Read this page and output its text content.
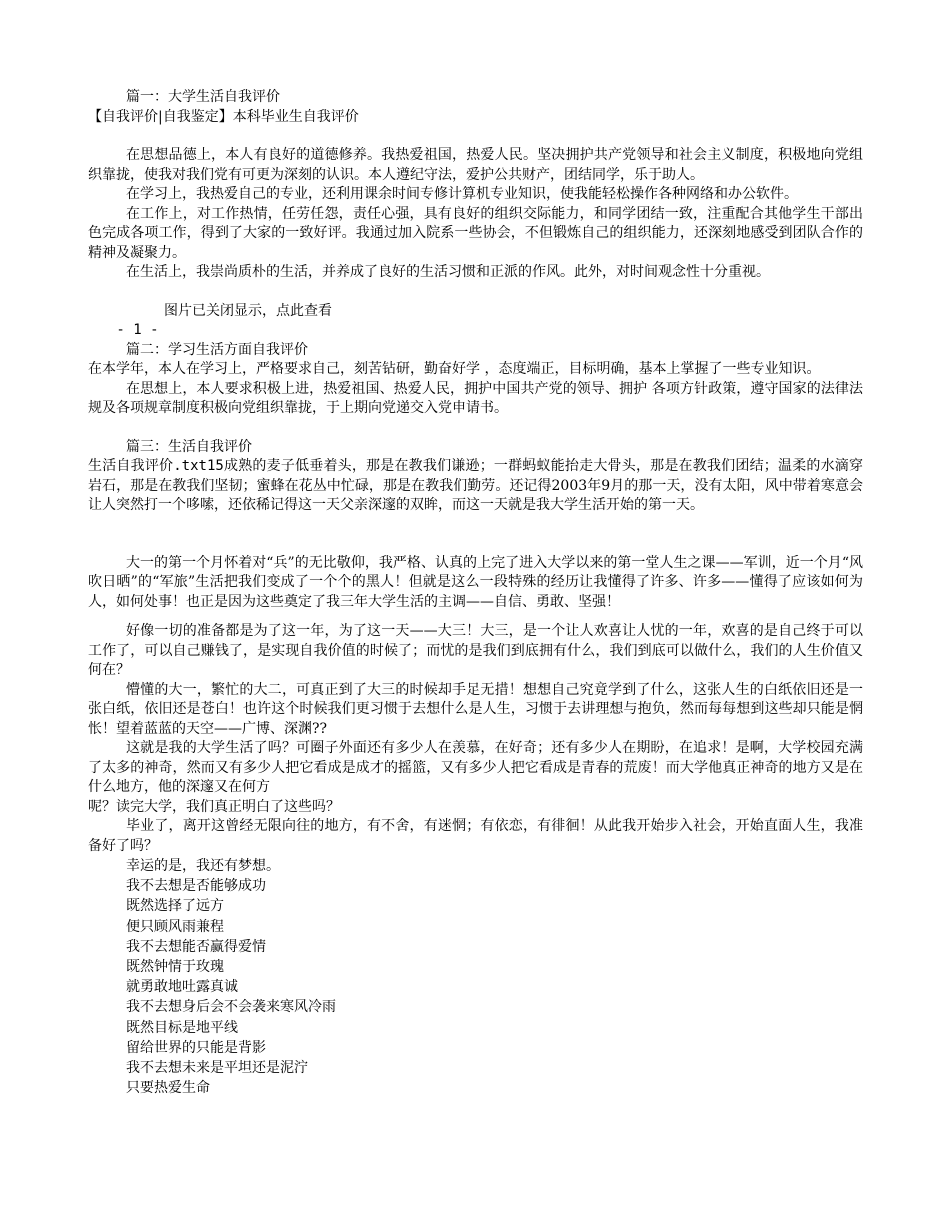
篇一：大学生活自我评价
【自我评价|自我鉴定】本科毕业生自我评价
在思想品德上，本人有良好的道德修养。我热爱祖国，热爱人民。坚决拥护共产党领导和社会主义制度，积极地向党组织靠拢，使我对我们党有可更为深刻的认识。本人遵纪守法，爱护公共财产，团结同学，乐于助人。
在学习上，我热爱自己的专业，还利用课余时间专修计算机专业知识，使我能轻松操作各种网络和办公软件。
在工作上，对工作热情，任劳任怨，责任心强，具有良好的组织交际能力，和同学团结一致，注重配合其他学生干部出色完成各项工作，得到了大家的一致好评。我通过加入院系一些协会，不但锻炼自己的组织能力，还深刻地感受到团队合作的精神及凝聚力。
在生活上，我崇尚质朴的生活，并养成了良好的生活习惯和正派的作风。此外，对时间观念性十分重视。
图片已关闭显示，点此查看
- 1 -
篇二：学习生活方面自我评价
在本学年，本人在学习上，严格要求自己，刻苦钻研，勤奋好学 ，态度端正，目标明确，基本上掌握了一些专业知识。
在思想上，本人要求积极上进，热爱祖国、热爱人民，拥护中国共产党的领导、拥护 各项方针政策，遵守国家的法律法规及各项规章制度积极向党组织靠拢，于上期向党递交入党申请书。
篇三：生活自我评价
生活自我评价.txt15成熟的麦子低垂着头，那是在教我们谦逊；一群蚂蚁能抬走大骨头，那是在教我们团结；温柔的水滴穿岩石，那是在教我们坚韧；蜜蜂在花丛中忙碌，那是在教我们勤劳。还记得2003年9月的那一天，没有太阳，风中带着寒意会让人突然打一个哆嗦，还依稀记得这一天父亲深邃的双眸，而这一天就是我大学生活开始的第一天。
大一的第一个月怀着对“兵”的无比敬仰，我严格、认真的上完了进入大学以来的第一堂人生之课——军训，近一个月“风吹日晒”的“军旅”生活把我们变成了一个个的黑人！但就是这么一段特殊的经历让我懂得了许多、许多——懂得了应该如何为人，如何处事！也正是因为这些奠定了我三年大学生活的主调——自信、勇敢、坚强！
好像一切的准备都是为了这一年，为了这一天——大三！大三，是一个让人欢喜让人忧的一年，欢喜的是自己终于可以工作了，可以自己赚钱了，是实现自我价值的时候了；而忧的是我们到底拥有什么，我们到底可以做什么，我们的人生价值又何在？
懵懂的大一，繁忙的大二，可真正到了大三的时候却手足无措！想想自己究竟学到了什么，这张人生的白纸依旧还是一张白纸，依旧还是苍白！也许这个时候我们更习惯于去想什么是人生，习惯于去讲理想与抱负，然而每每想到这些却只能是惘怅！望着蓝蓝的天空——广博、深渊??
这就是我的大学生活了吗？可圈子外面还有多少人在羡慕，在好奇；还有多少人在期盼，在追求！是啊，大学校园充满了太多的神奇，然而又有多少人把它看成是成才的摇篮，又有多少人把它看成是青春的荒废！而大学他真正神奇的地方又是在什么地方，他的深邃又在何方
呢？读完大学，我们真正明白了这些吗？
毕业了，离开这曾经无限向往的地方，有不舍，有迷惘；有依恋，有徘徊！从此我开始步入社会，开始直面人生，我准备好了吗？
幸运的是，我还有梦想。
我不去想是否能够成功
既然选择了远方
便只顾风雨兼程
我不去想能否赢得爱情
既然钟情于玫瑰
就勇敢地吐露真诚
我不去想身后会不会袭来寒风冷雨
既然目标是地平线
留给世界的只能是背影
我不去想未来是平坦还是泥泞
只要热爱生命
